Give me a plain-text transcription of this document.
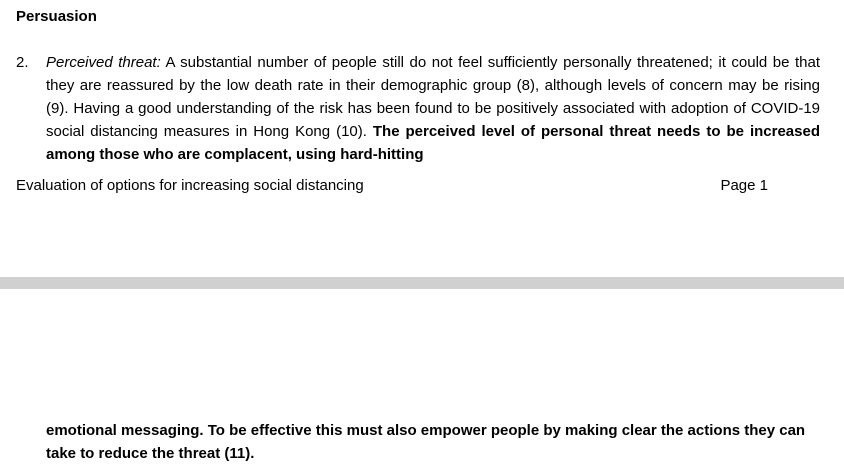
Persuasion
2. Perceived threat: A substantial number of people still do not feel sufficiently personally threatened; it could be that they are reassured by the low death rate in their demographic group (8), although levels of concern may be rising (9). Having a good understanding of the risk has been found to be positively associated with adoption of COVID-19 social distancing measures in Hong Kong (10). The perceived level of personal threat needs to be increased among those who are complacent, using hard-hitting
Evaluation of options for increasing social distancing	Page 1
emotional messaging. To be effective this must also empower people by making clear the actions they can take to reduce the threat (11).
